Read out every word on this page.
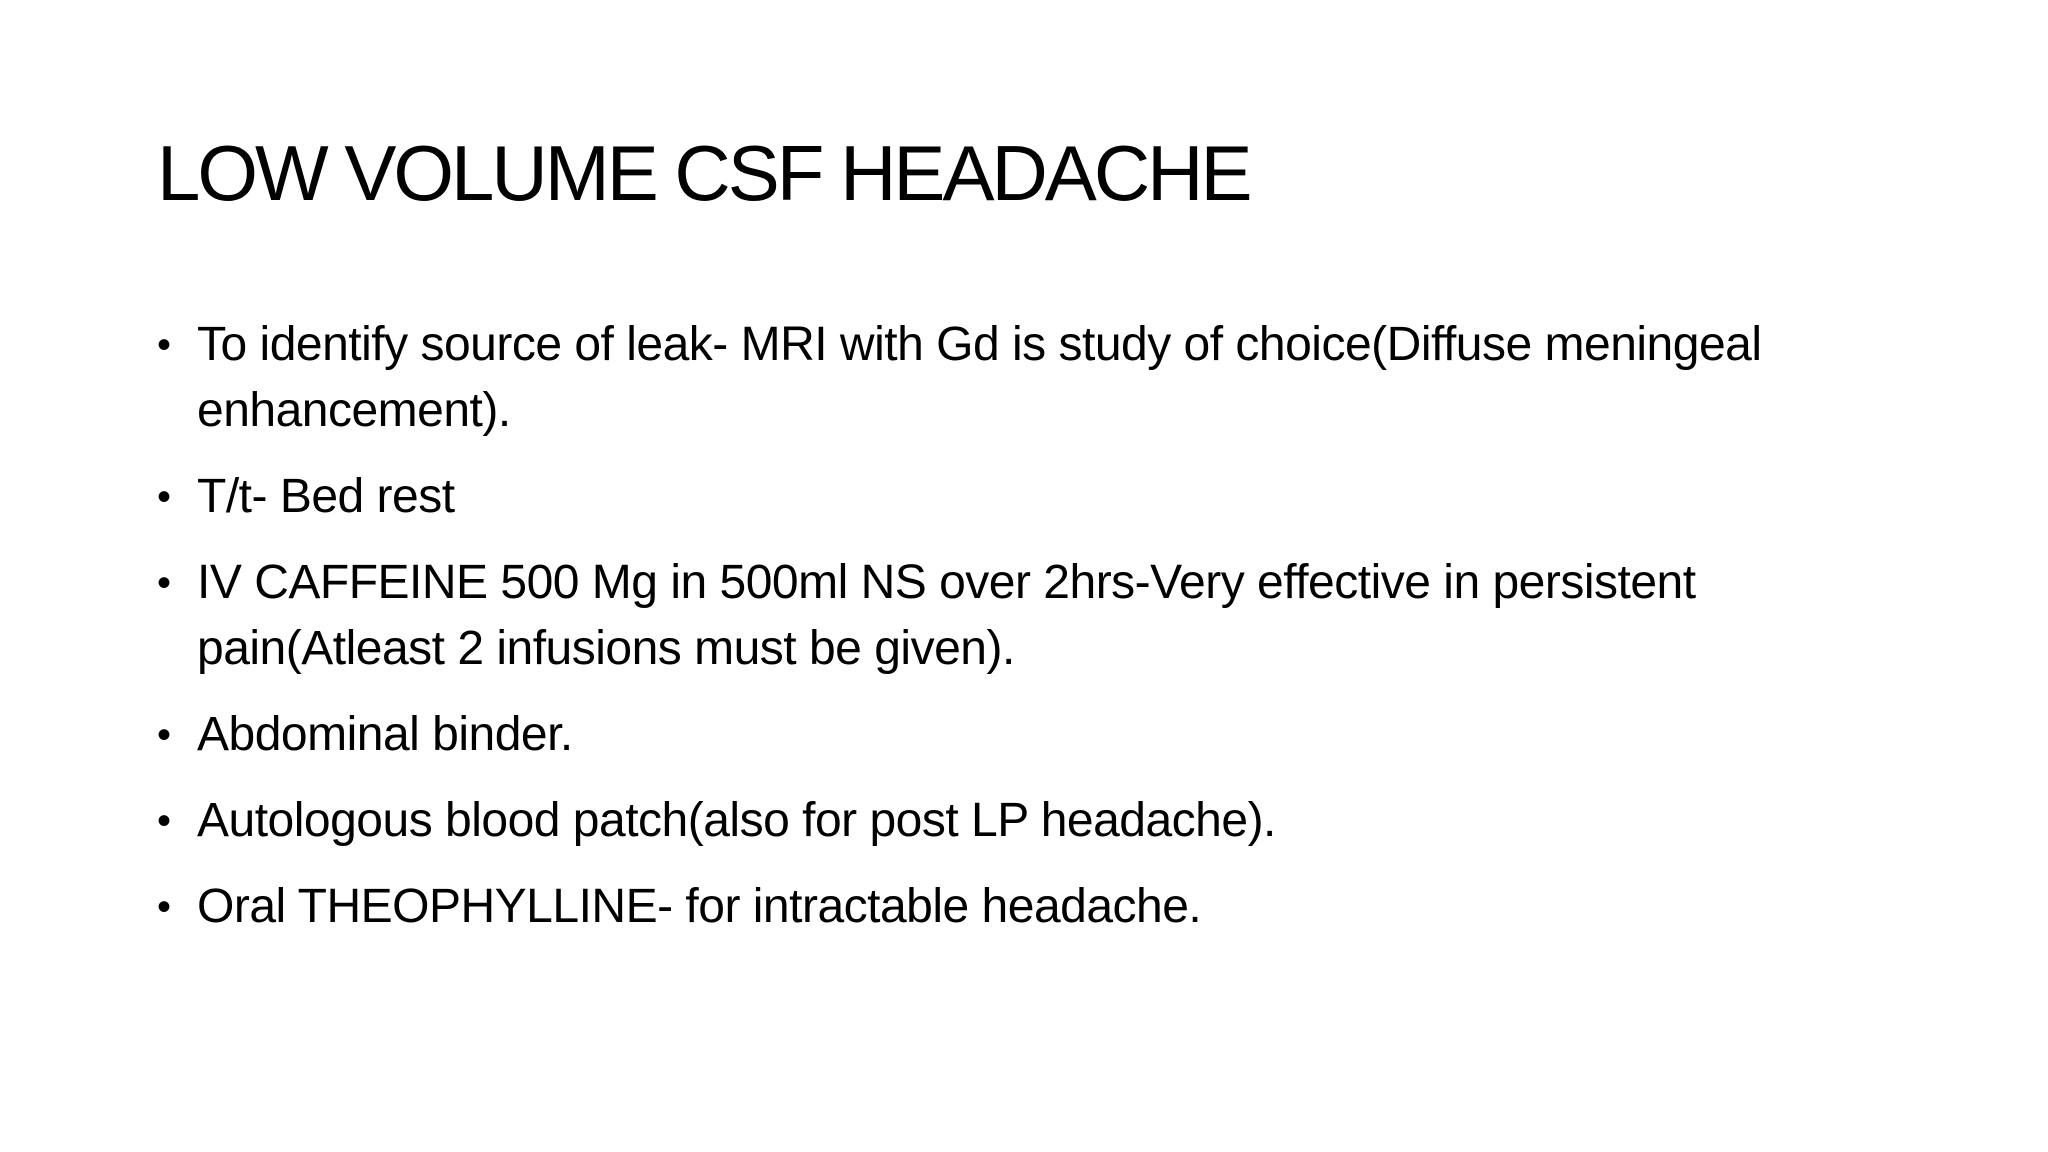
LOW VOLUME CSF HEADACHE
• To identify source of leak- MRI with Gd is study of choice(Diffuse meningeal enhancement).
• T/t- Bed rest
• IV CAFFEINE 500 Mg in 500ml NS over 2hrs-Very effective in persistent pain(Atleast 2 infusions must be given).
• Abdominal binder.
• Autologous blood patch(also for post LP headache).
• Oral THEOPHYLLINE- for intractable headache.
